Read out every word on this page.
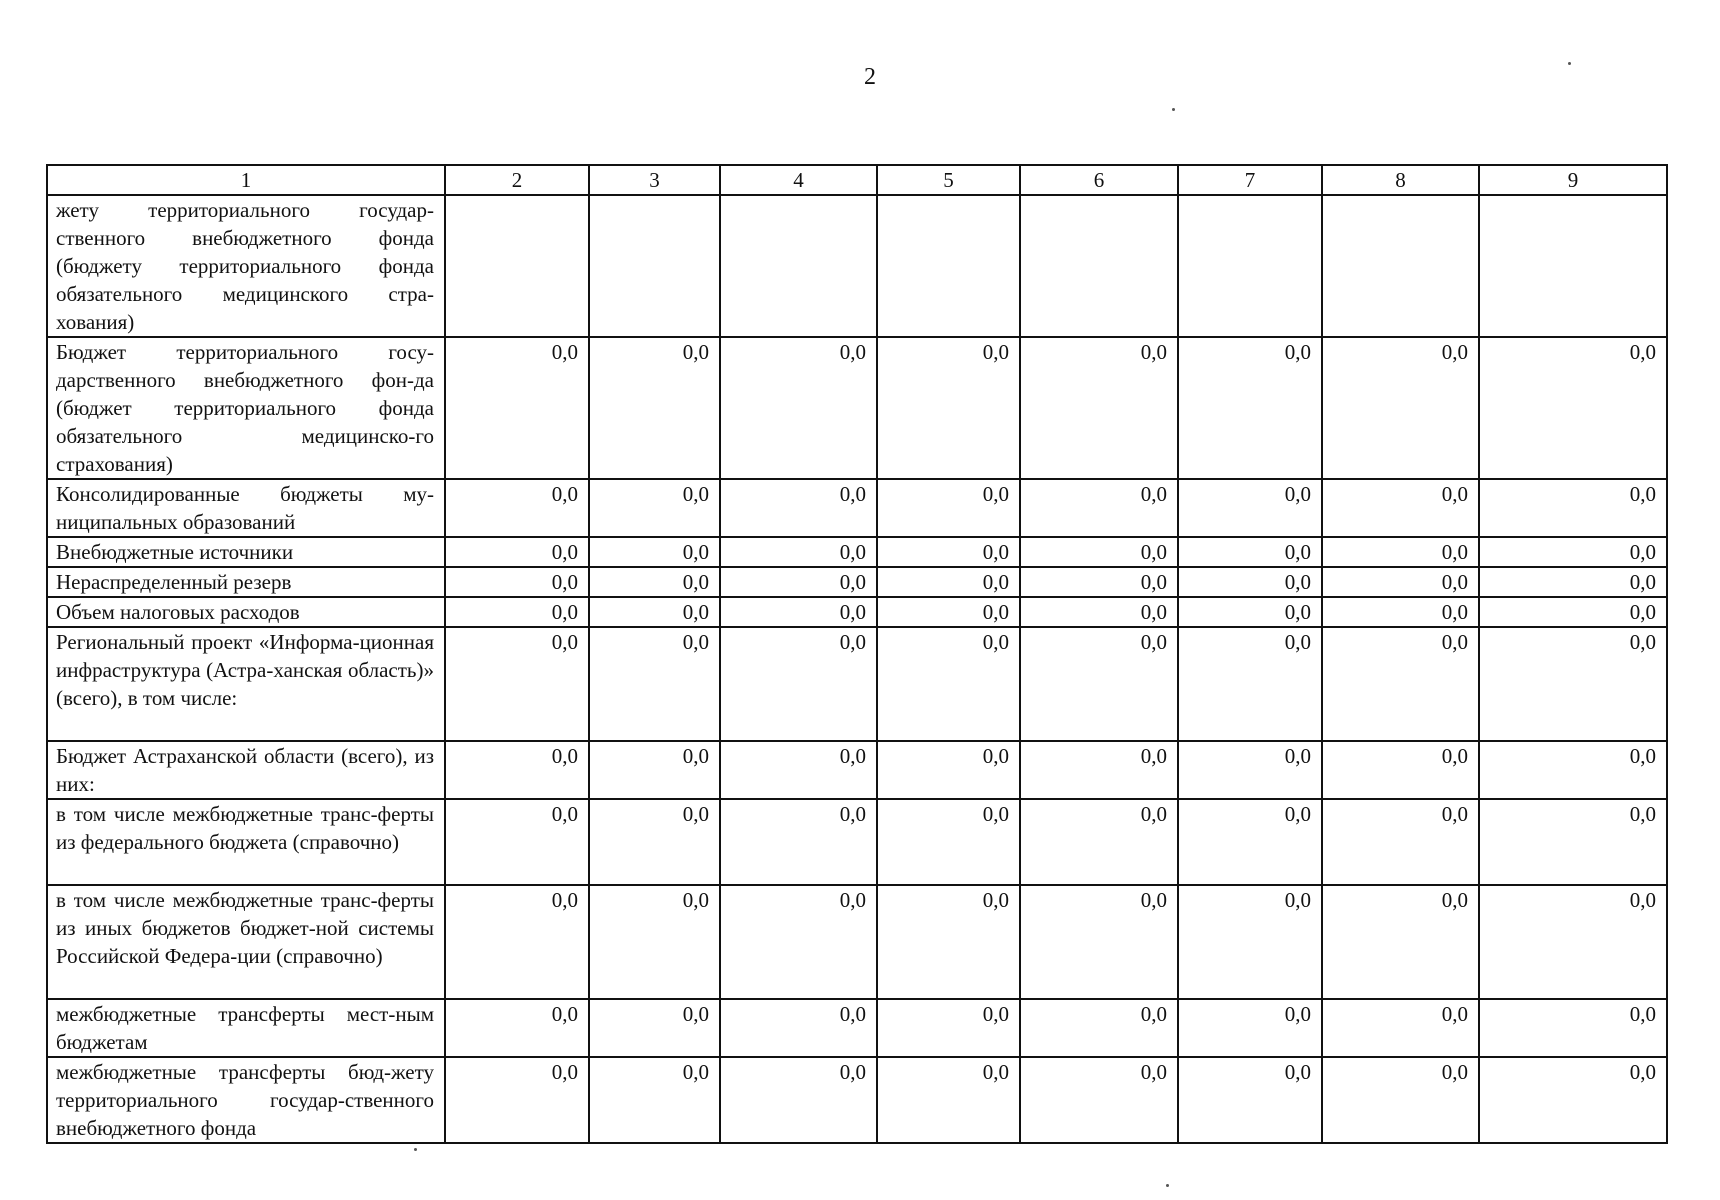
2
1	2	3	4	5	6	7	8	9
жету территориального государ-ственного внебюджетного фонда (бюджету территориального фонда обязательного медицинского стра-хования)								
Бюджет территориального госу-дарственного внебюджетного фон-да (бюджет территориального фонда обязательного медицинско-го страхования)	0,0	0,0	0,0	0,0	0,0	0,0	0,0	0,0
Консолидированные бюджеты му-ниципальных образований	0,0	0,0	0,0	0,0	0,0	0,0	0,0	0,0
Внебюджетные источники	0,0	0,0	0,0	0,0	0,0	0,0	0,0	0,0
Нераспределенный резерв	0,0	0,0	0,0	0,0	0,0	0,0	0,0	0,0
Объем налоговых расходов	0,0	0,0	0,0	0,0	0,0	0,0	0,0	0,0
Региональный проект «Информа-ционная инфраструктура (Астра-ханская область)» (всего), в том числе:	0,0	0,0	0,0	0,0	0,0	0,0	0,0	0,0
Бюджет Астраханской области (всего), из них:	0,0	0,0	0,0	0,0	0,0	0,0	0,0	0,0
в том числе межбюджетные транс-ферты из федерального бюджета (справочно)	0,0	0,0	0,0	0,0	0,0	0,0	0,0	0,0
в том числе межбюджетные транс-ферты из иных бюджетов бюджет-ной системы Российской Федера-ции (справочно)	0,0	0,0	0,0	0,0	0,0	0,0	0,0	0,0
межбюджетные трансферты мест-ным бюджетам	0,0	0,0	0,0	0,0	0,0	0,0	0,0	0,0
межбюджетные трансферты бюд-жету территориального государ-ственного внебюджетного фонда	0,0	0,0	0,0	0,0	0,0	0,0	0,0	0,0
